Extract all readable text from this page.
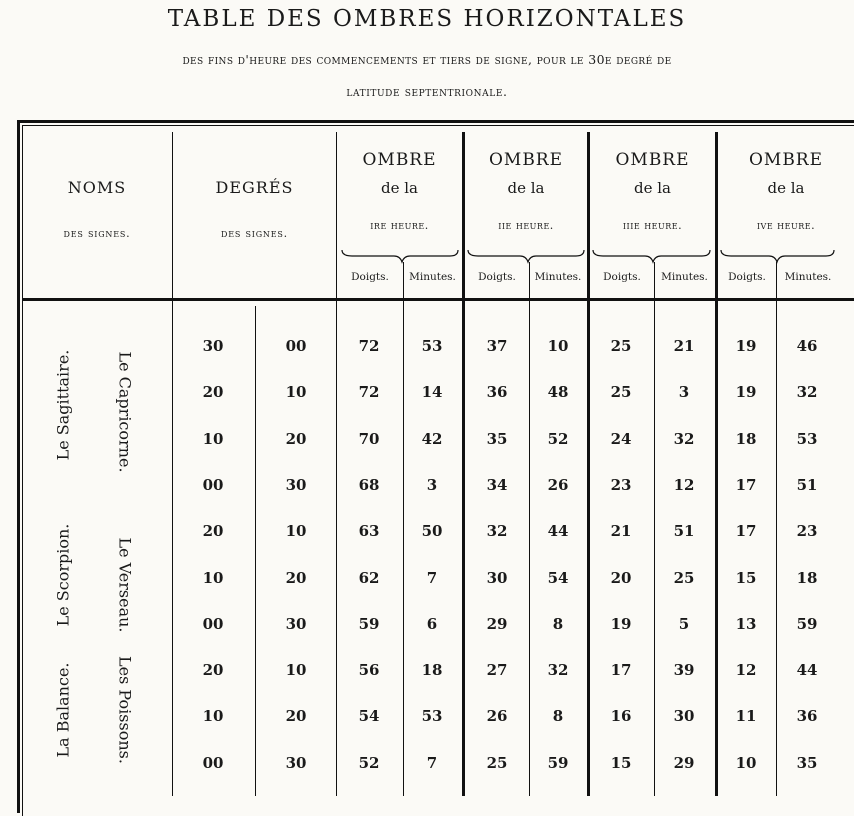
TABLE DES OMBRES HORIZONTALES
des fins d'heure des commencements et tiers de signe, pour le 30e degré de
latitude septentrionale.
NOMS
des signes.
DEGRÉS
des signes.
OMBRE
de la
ire heure.
OMBRE
de la
iie heure.
OMBRE
de la
iiie heure.
OMBRE
de la
ive heure.
Doigts.	Minutes.	Doigts.	Minutes.	Doigts.	Minutes.	Doigts.	Minutes.
Le Sagittaire.	Le Capricorne.
Le Scorpion.	Le Verseau.
La Balance.	Les Poissons.
30	00	72	53	37	10	25	21	19	46
20	10	72	14	36	48	25	3	19	32
10	20	70	42	35	52	24	32	18	53
00	30	68	3	34	26	23	12	17	51
20	10	63	50	32	44	21	51	17	23
10	20	62	7	30	54	20	25	15	18
00	30	59	6	29	8	19	5	13	59
20	10	56	18	27	32	17	39	12	44
10	20	54	53	26	8	16	30	11	36
00	30	52	7	25	59	15	29	10	35
